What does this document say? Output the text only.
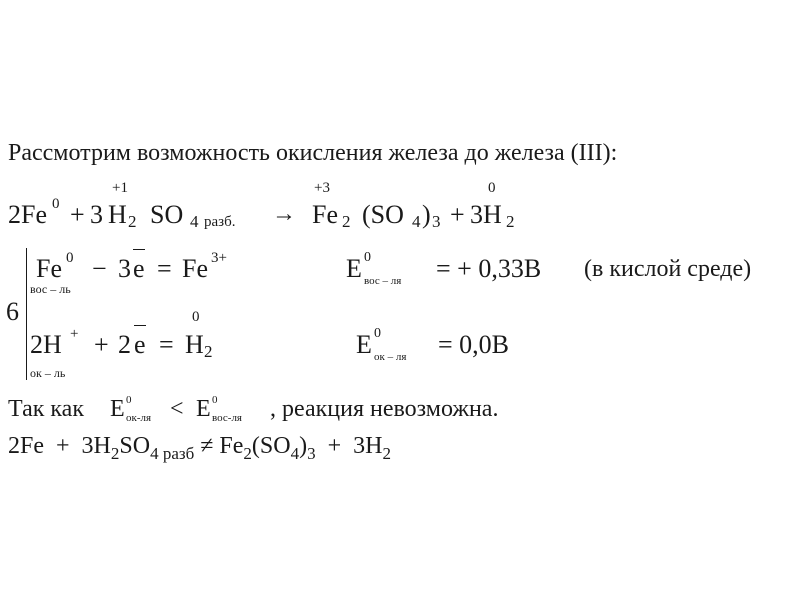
Рассмотрим возможность окисления железа до железа (III):
+1	+3	0
2Fe 0 + 3 H 2 SO 4 разб. → Fe 2 (SO 4 ) 3 + 3H 2
6
Fe 0 − 3 e = Fe 3+
вос – ль
E 0
вос – ля = + 0,33В (в кислой среде)
2H + + 2 e =
0
H 2
ок – ль
E 0
ок – ля = 0,0В
Так как E 0
ок-ля < E 0
вос-ля , реакция невозможна.
$2Fe + 3H_2SO_4$ $_{разб} \ne Fe_2(SO_4)_3 + 3H_2$
